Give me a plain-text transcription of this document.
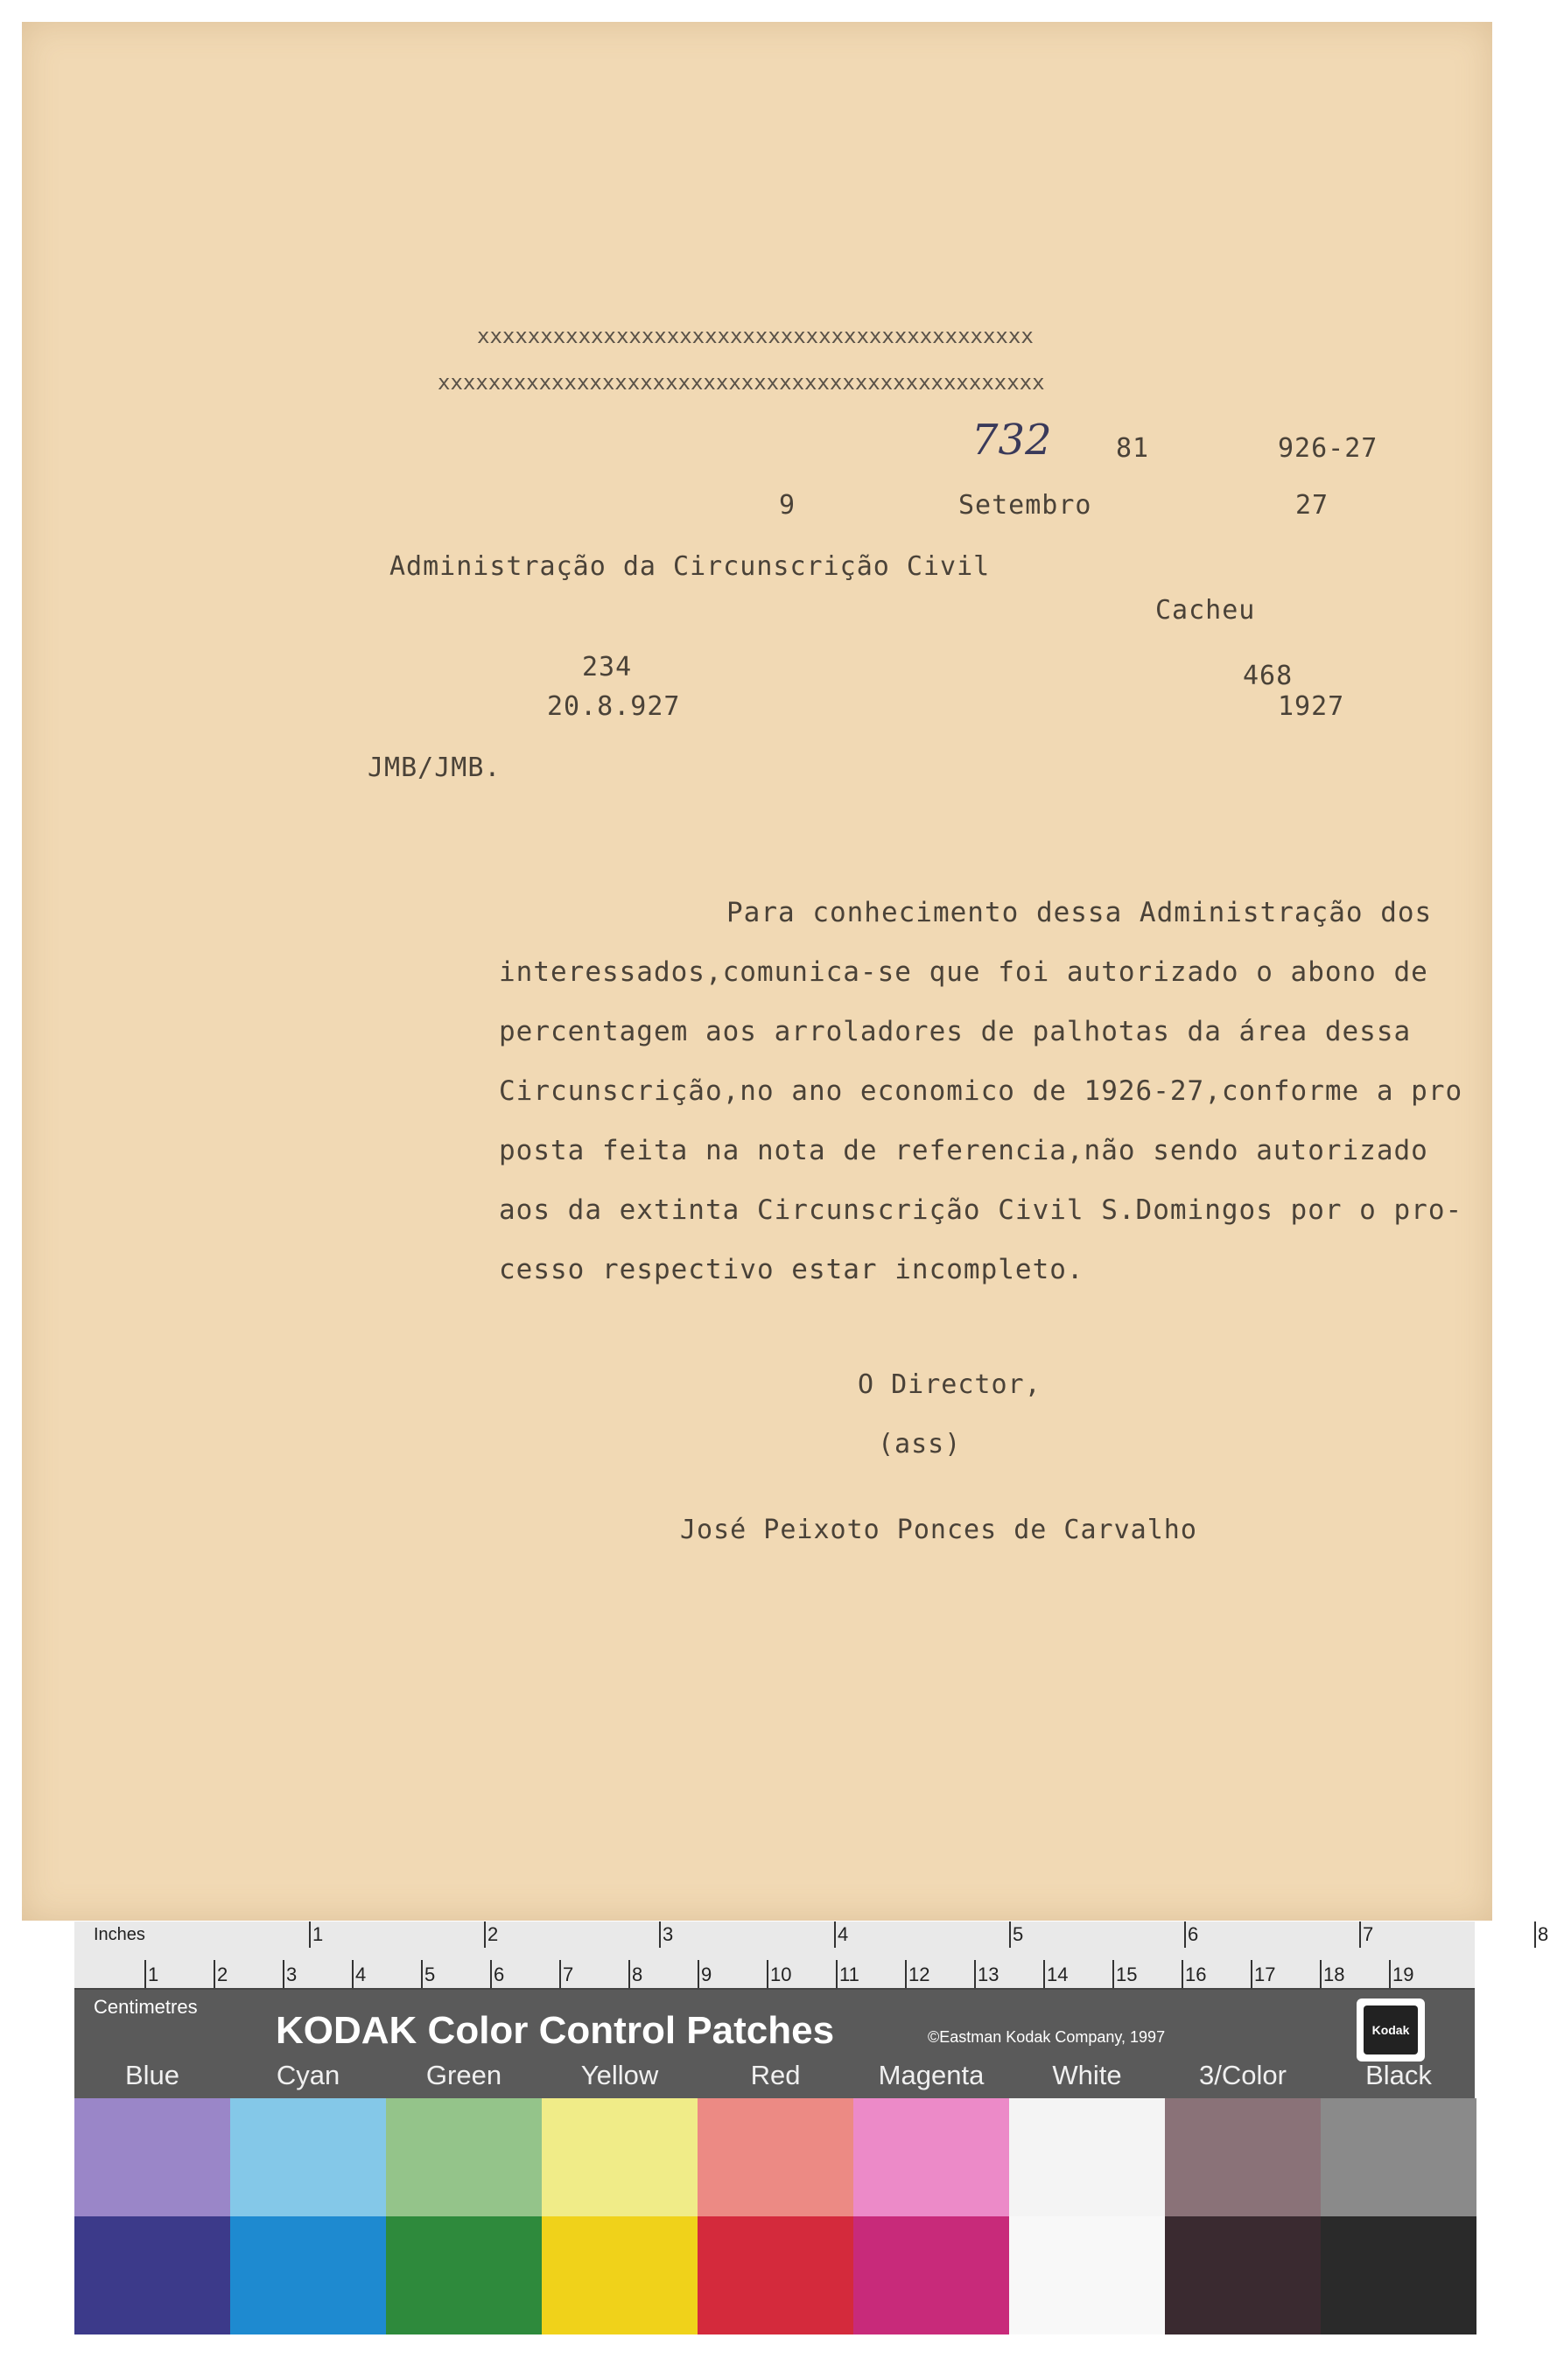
xxxxxxxxxxxxxxxxxxxxxxxxxxxxxxxxxxxxxxxxxxxx
xxxxxxxxxxxxxxxxxxxxxxxxxxxxxxxxxxxxxxxxxxxxxxxx
732 81	926-27
9	Setembro	27
Administração da Circunscrição Civil
Cacheu
234
20.8.927
468
1927
JMB/JMB.
Para conhecimento dessa Administração dos
interessados,comunica-se que foi autorizado o abono de
percentagem aos arroladores de palhotas da área dessa
Circunscrição,no ano economico de 1926-27,conforme a pro
posta feita na nota de referencia,não sendo autorizado
aos da extinta Circunscrição Civil S.Domingos por o pro-
cesso respectivo estar incompleto.
O Director,
(ass)
José Peixoto Ponces de Carvalho
Inches	1	2	3	4	5	6	7	8
1	2	3	4	5	6	7	8	9	10 11	12 13 14 15 16 17 18 19
Centimetres
KODAK Color Control Patches	©Eastman Kodak Company, 1997	Kodak
Blue	Cyan	Green	Yellow	Red	Magenta	White	3/Color	Black
